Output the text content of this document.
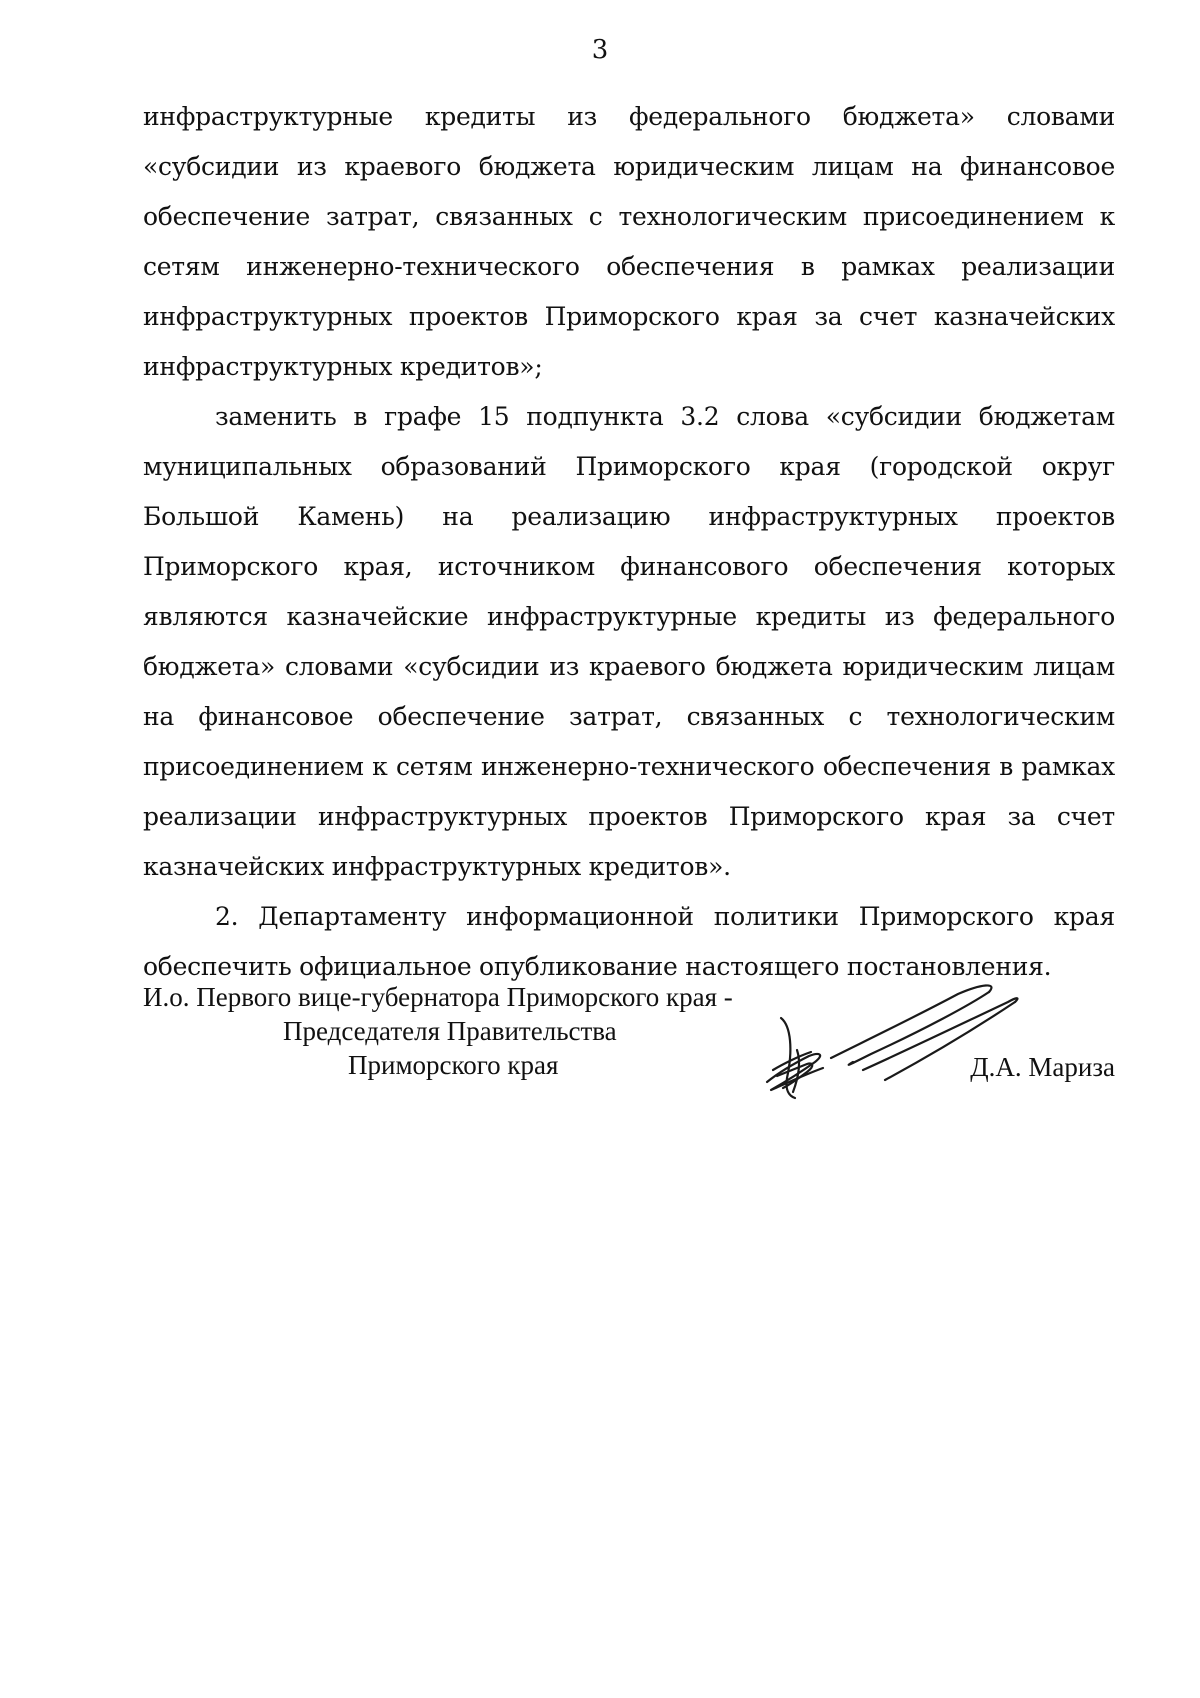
3

инфраструктурные кредиты из федерального бюджета» словами «субсидии из краевого бюджета юридическим лицам на финансовое обеспечение затрат, связанных с технологическим присоединением к сетям инженерно-технического обеспечения в рамках реализации инфраструктурных проектов Приморского края за счет казначейских инфраструктурных кредитов»;

заменить в графе 15 подпункта 3.2 слова «субсидии бюджетам муниципальных образований Приморского края (городской округ Большой Камень) на реализацию инфраструктурных проектов Приморского края, источником финансового обеспечения которых являются казначейские инфраструктурные кредиты из федерального бюджета» словами «субсидии из краевого бюджета юридическим лицам на финансовое обеспечение затрат, связанных с технологическим присоединением к сетям инженерно-технического обеспечения в рамках реализации инфраструктурных проектов Приморского края за счет казначейских инфраструктурных кредитов».

2. Департаменту информационной политики Приморского края обеспечить официальное опубликование настоящего постановления.

И.о. Первого вице-губернатора Приморского края -
Председателя Правительства
Приморского края	Д.А. Мариза
